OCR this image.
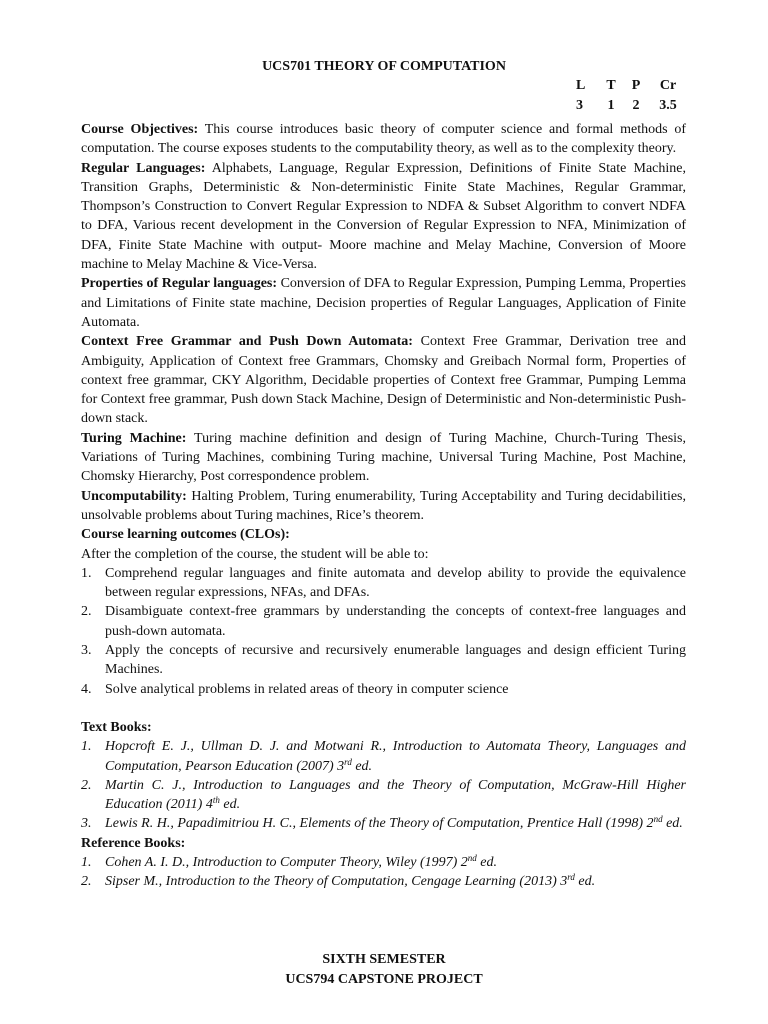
UCS701 THEORY OF COMPUTATION
L	T	P	Cr
3	1	2	3.5

Course Objectives: This course introduces basic theory of computer science and formal methods of computation. The course exposes students to the computability theory, as well as to the complexity theory.

Regular Languages: Alphabets, Language, Regular Expression, Definitions of Finite State Machine, Transition Graphs, Deterministic & Non-deterministic Finite State Machines, Regular Grammar, Thompson’s Construction to Convert Regular Expression to NDFA & Subset Algorithm to convert NDFA to DFA, Various recent development in the Conversion of Regular Expression to NFA, Minimization of DFA, Finite State Machine with output- Moore machine and Melay Machine, Conversion of Moore machine to Melay Machine & Vice-Versa.

Properties of Regular languages: Conversion of DFA to Regular Expression, Pumping Lemma, Properties and Limitations of Finite state machine, Decision properties of Regular Languages, Application of Finite Automata.

Context Free Grammar and Push Down Automata: Context Free Grammar, Derivation tree and Ambiguity, Application of Context free Grammars, Chomsky and Greibach Normal form, Properties of context free grammar, CKY Algorithm, Decidable properties of Context free Grammar, Pumping Lemma for Context free grammar, Push down Stack Machine, Design of Deterministic and Non-deterministic Push-down stack.

Turing Machine: Turing machine definition and design of Turing Machine, Church-Turing Thesis, Variations of Turing Machines, combining Turing machine, Universal Turing Machine, Post Machine, Chomsky Hierarchy, Post correspondence problem.

Uncomputability: Halting Problem, Turing enumerability, Turing Acceptability and Turing decidabilities, unsolvable problems about Turing machines, Rice’s theorem.

Course learning outcomes (CLOs):
After the completion of the course, the student will be able to:
1. Comprehend regular languages and finite automata and develop ability to provide the equivalence between regular expressions, NFAs, and DFAs.
2. Disambiguate context-free grammars by understanding the concepts of context-free languages and push-down automata.
3. Apply the concepts of recursive and recursively enumerable languages and design efficient Turing Machines.
4. Solve analytical problems in related areas of theory in computer science
Text Books:
1. Hopcroft E. J., Ullman D. J. and Motwani R., Introduction to Automata Theory, Languages and Computation, Pearson Education (2007) 3rd ed.
2. Martin C. J., Introduction to Languages and the Theory of Computation, McGraw-Hill Higher Education (2011) 4th ed.
3. Lewis R. H., Papadimitriou H. C., Elements of the Theory of Computation, Prentice Hall (1998) 2nd ed.
Reference Books:
1. Cohen A. I. D., Introduction to Computer Theory, Wiley (1997) 2nd ed.
2. Sipser M., Introduction to the Theory of Computation, Cengage Learning (2013) 3rd ed.
SIXTH SEMESTER
UCS794 CAPSTONE PROJECT
